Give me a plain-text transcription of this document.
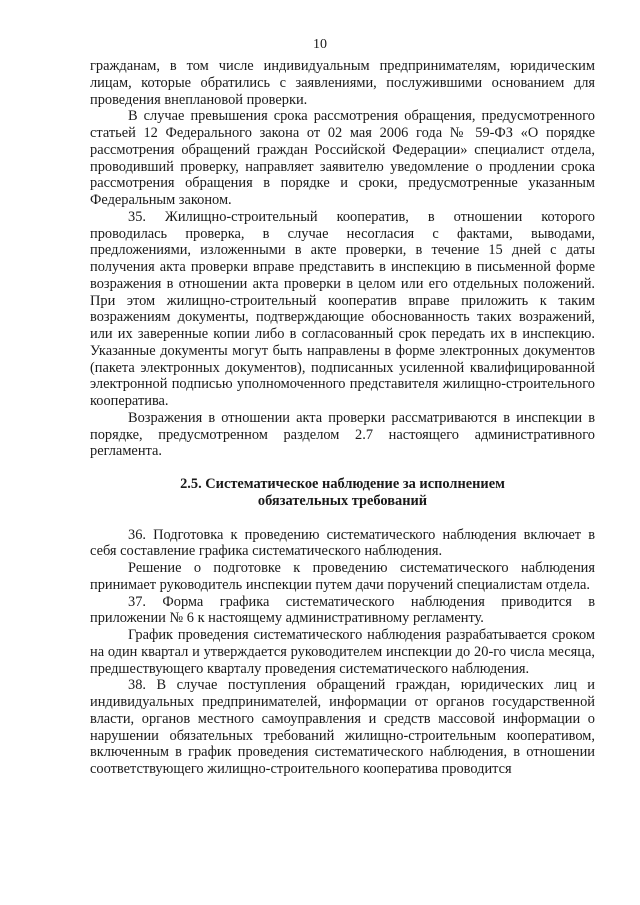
10

гражданам, в том числе индивидуальным предпринимателям, юридическим лицам, которые обратились с заявлениями, послужившими основанием для проведения внеплановой проверки.

В случае превышения срока рассмотрения обращения, предусмотренного статьей 12 Федерального закона от 02 мая 2006 года № 59-ФЗ «О порядке рассмотрения обращений граждан Российской Федерации» специалист отдела, проводивший проверку, направляет заявителю уведомление о продлении срока рассмотрения обращения в порядке и сроки, предусмотренные указанным Федеральным законом.

35. Жилищно-строительный кооператив, в отношении которого проводилась проверка, в случае несогласия с фактами, выводами, предложениями, изложенными в акте проверки, в течение 15 дней с даты получения акта проверки вправе представить в инспекцию в письменной форме возражения в отношении акта проверки в целом или его отдельных положений. При этом жилищно-строительный кооператив вправе приложить к таким возражениям документы, подтверждающие обоснованность таких возражений, или их заверенные копии либо в согласованный срок передать их в инспекцию. Указанные документы могут быть направлены в форме электронных документов (пакета электронных документов), подписанных усиленной квалифицированной электронной подписью уполномоченного представителя жилищно-строительного кооператива.

Возражения в отношении акта проверки рассматриваются в инспекции в порядке, предусмотренном разделом 2.7 настоящего административного регламента.

2.5. Систематическое наблюдение за исполнением
обязательных требований

36. Подготовка к проведению систематического наблюдения включает в себя составление графика систематического наблюдения.

Решение о подготовке к проведению систематического наблюдения принимает руководитель инспекции путем дачи поручений специалистам отдела.

37. Форма графика систематического наблюдения приводится в приложении № 6 к настоящему административному регламенту.

График проведения систематического наблюдения разрабатывается сроком на один квартал и утверждается руководителем инспекции до 20-го числа месяца, предшествующего кварталу проведения систематического наблюдения.

38. В случае поступления обращений граждан, юридических лиц и индивидуальных предпринимателей, информации от органов государственной власти, органов местного самоуправления и средств массовой информации о нарушении обязательных требований жилищно-строительным кооперативом, включенным в график проведения систематического наблюдения, в отношении соответствующего жилищно-строительного кооператива проводится
